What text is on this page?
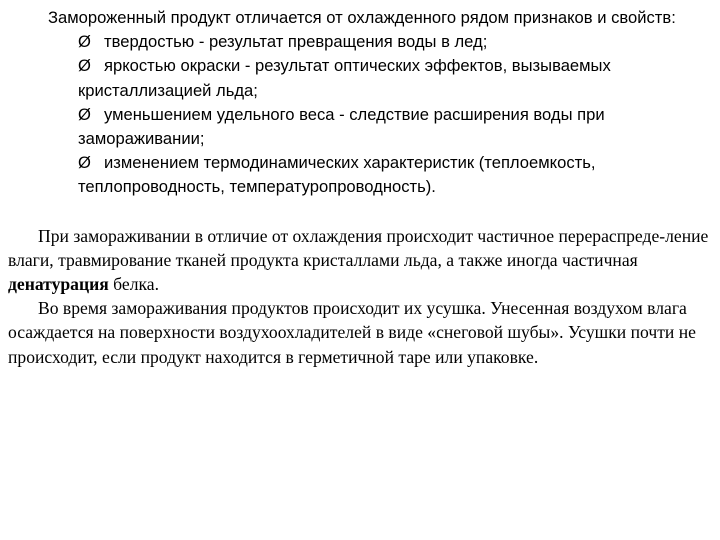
Замороженный продукт отличается от охлажденного рядом признаков и свойств:

Ø твердостью - результат превращения воды в лед;
Ø яркостью окраски - результат оптических эффектов, вызываемых кристаллизацией льда;
Ø уменьшением удельного веса - следствие расширения воды при замораживании;
Ø изменением термодинамических характеристик (теплоемкость, теплопроводность, температуропроводность).

При замораживании в отличие от охлаждения происходит частичное перераспреде-ление влаги, травмирование тканей продукта кристаллами льда, а также иногда частичная денатурация белка.

Во время замораживания продуктов происходит их усушка. Унесенная воздухом влага осаждается на поверхности воздухоохладителей в виде «снеговой шубы». Усушки почти не происходит, если продукт находится в герметичной таре или упаковке.
